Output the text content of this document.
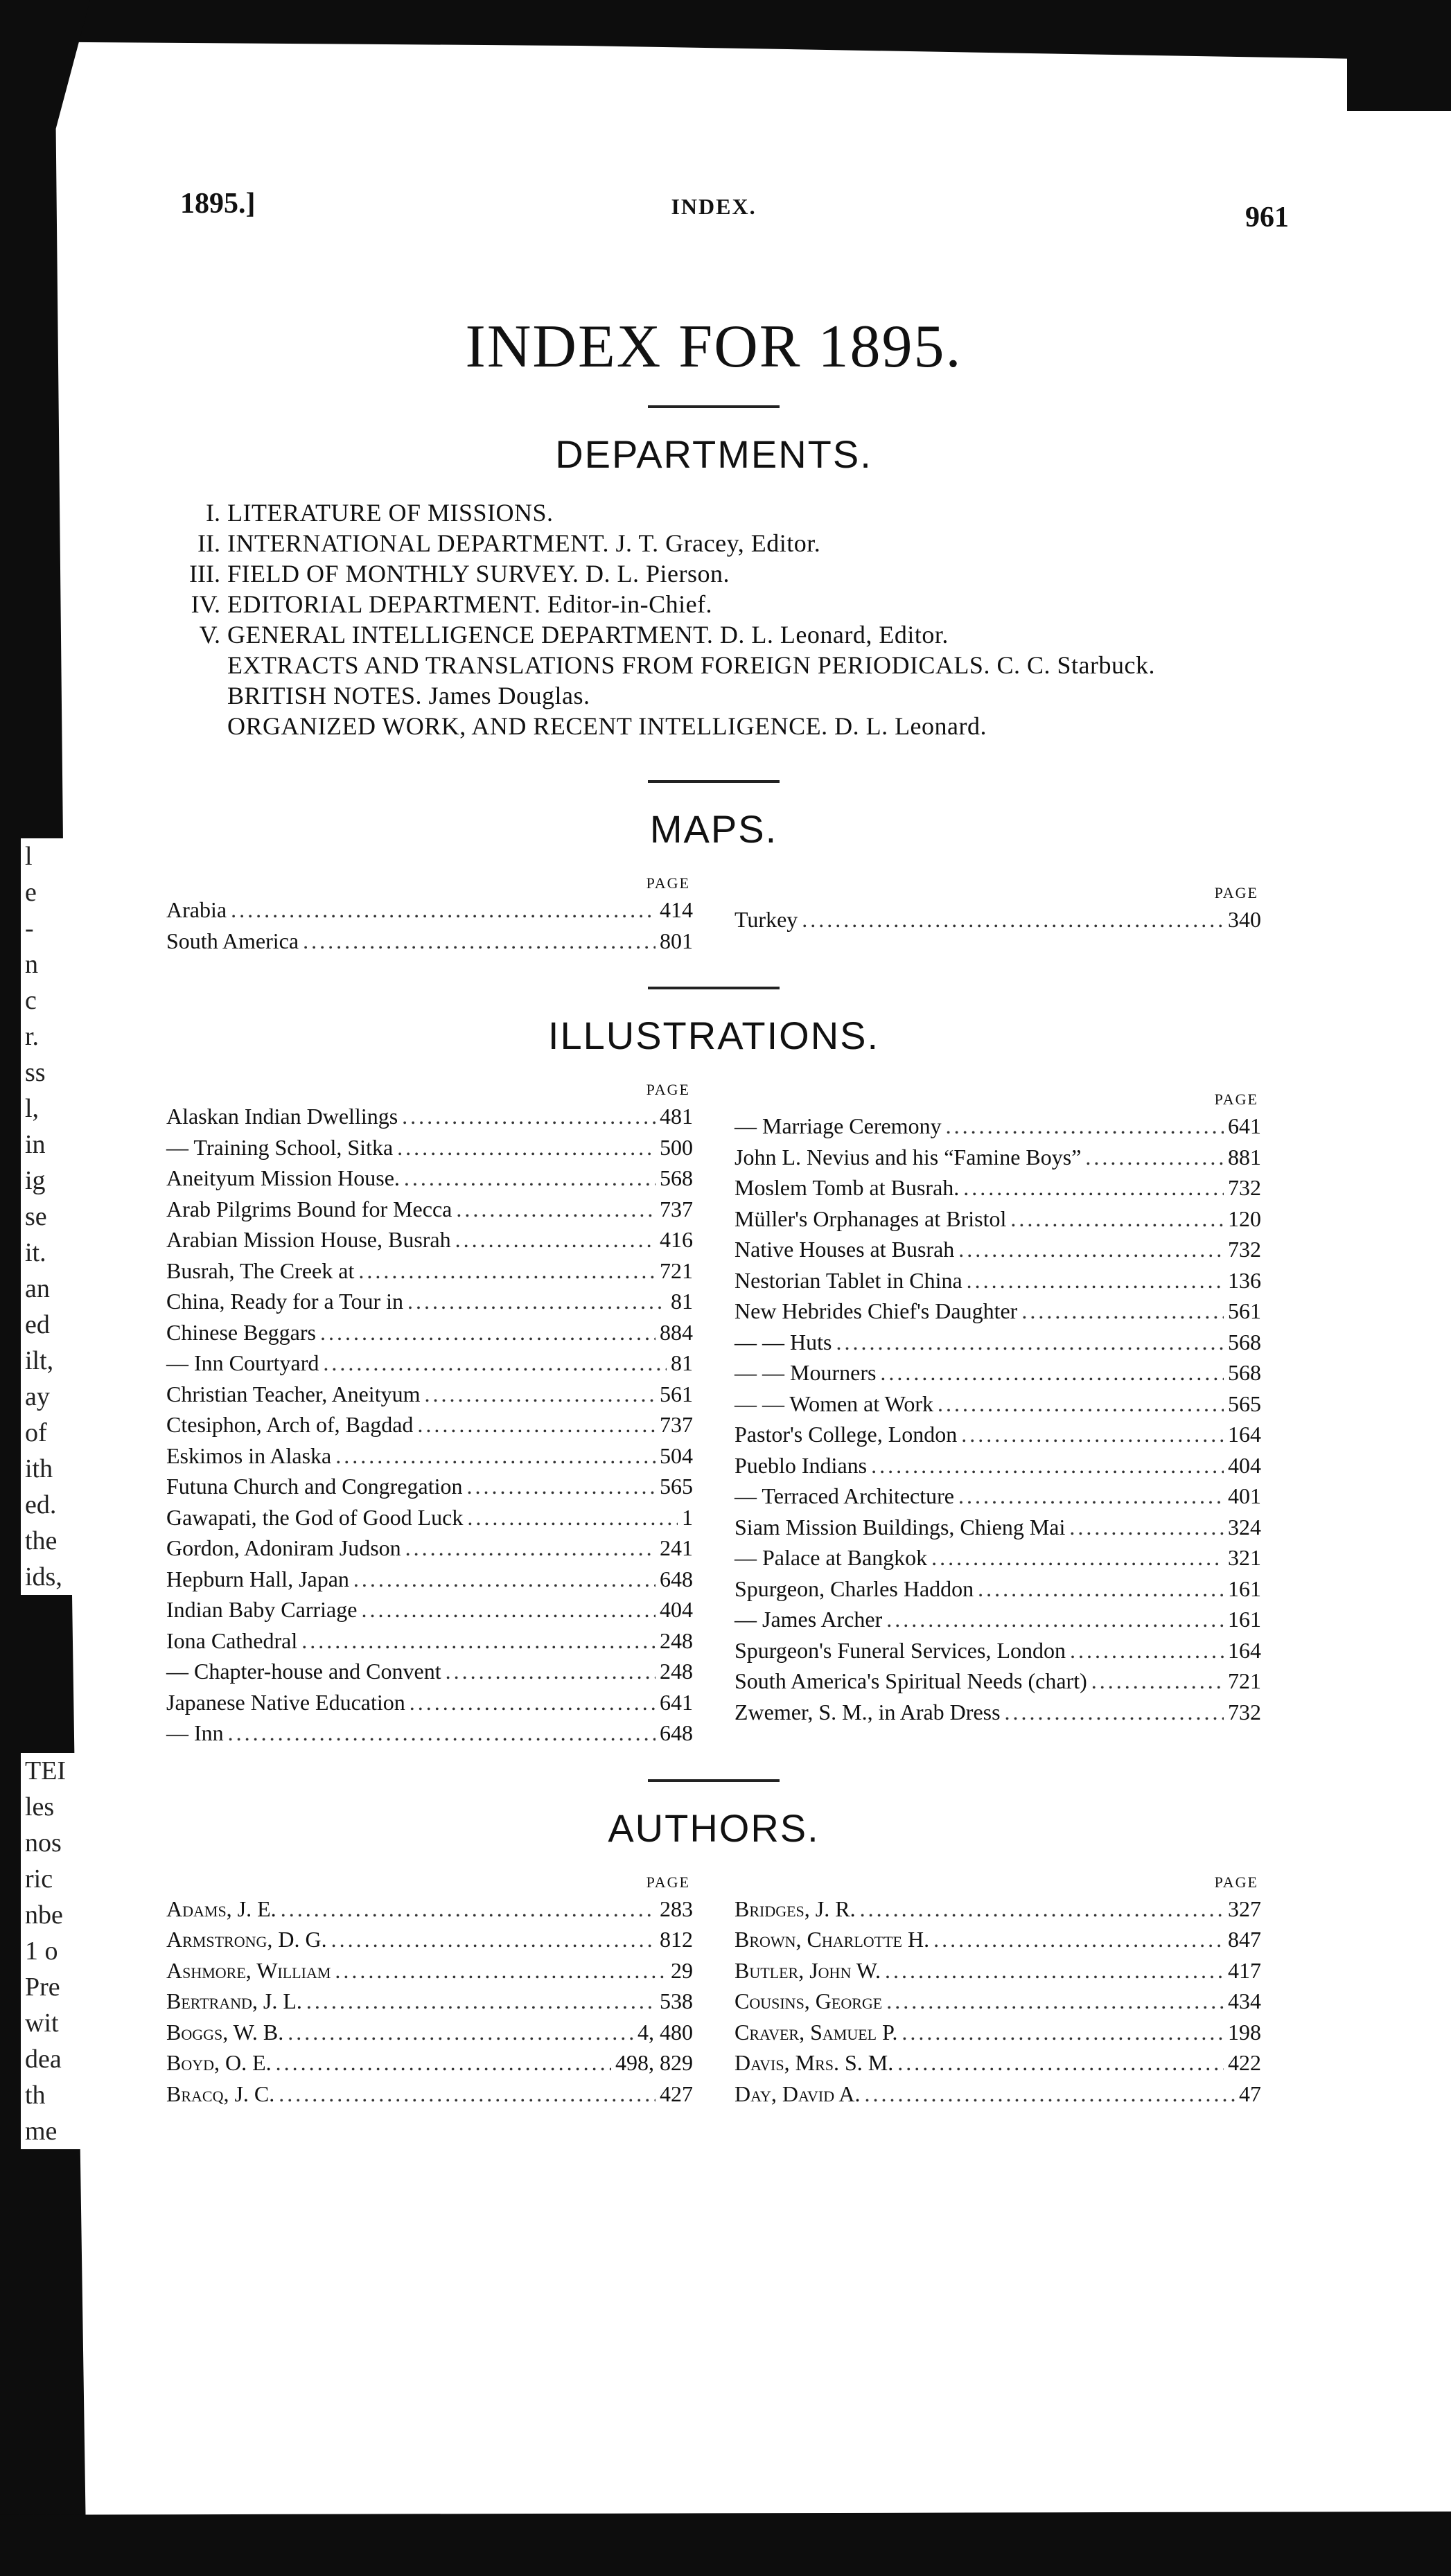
l
e
-
n
c
r.
ss
l,
in
ig
se
it.
an
ed
ilt,
ay
of
ith
ed.
the
ids,
TEI
les
nos
ric
nbe
1 o
Pre
wit
dea
th
me
1895.]	INDEX.	961
INDEX FOR 1895.
DEPARTMENTS.
I. LITERATURE OF MISSIONS.
II. INTERNATIONAL DEPARTMENT. J. T. Gracey, Editor.
III. FIELD OF MONTHLY SURVEY. D. L. Pierson.
IV. EDITORIAL DEPARTMENT. Editor-in-Chief.
V. GENERAL INTELLIGENCE DEPARTMENT. D. L. Leonard, Editor.
EXTRACTS AND TRANSLATIONS FROM FOREIGN PERIODICALS. C. C. Starbuck.
BRITISH NOTES. James Douglas.
ORGANIZED WORK, AND RECENT INTELLIGENCE. D. L. Leonard.
MAPS.
PAGE
Arabia .....	414
South America .....	801
PAGE
Turkey .....	340
ILLUSTRATIONS.
PAGE
Alaskan Indian Dwellings .....	481
— Training School, Sitka .....	500
Aneityum Mission House. .....	568
Arab Pilgrims Bound for Mecca .....	737
Arabian Mission House, Busrah .....	416
Busrah, The Creek at .....	721
China, Ready for a Tour in .....	81
Chinese Beggars .....	884
— Inn Courtyard .....	81
Christian Teacher, Aneityum .....	561
Ctesiphon, Arch of, Bagdad .....	737
Eskimos in Alaska .....	504
Futuna Church and Congregation .....	565
Gawapati, the God of Good Luck .....	1
Gordon, Adoniram Judson .....	241
Hepburn Hall, Japan .....	648
Indian Baby Carriage .....	404
Iona Cathedral .....	248
— Chapter-house and Convent .....	248
Japanese Native Education .....	641
— Inn .....	648
PAGE
— Marriage Ceremony .....	641
John L. Nevius and his “Famine Boys” .....	881
Moslem Tomb at Busrah. .....	732
Müller's Orphanages at Bristol .....	120
Native Houses at Busrah .....	732
Nestorian Tablet in China .....	136
New Hebrides Chief's Daughter .....	561
— — Huts .....	568
— — Mourners .....	568
— — Women at Work .....	565
Pastor's College, London .....	164
Pueblo Indians .....	404
— Terraced Architecture .....	401
Siam Mission Buildings, Chieng Mai .....	324
— Palace at Bangkok .....	321
Spurgeon, Charles Haddon .....	161
— James Archer .....	161
Spurgeon's Funeral Services, London .....	164
South America's Spiritual Needs (chart) .....	721
Zwemer, S. M., in Arab Dress .....	732
AUTHORS.
PAGE
Adams, J. E. .....	283
Armstrong, D. G. .....	812
Ashmore, William .....	29
Bertrand, J. L. .....	538
Boggs, W. B. .....	4, 480
Boyd, O. E. .....	498, 829
Bracq, J. C. .....	427
PAGE
Bridges, J. R. .....	327
Brown, Charlotte H. .....	847
Butler, John W. .....	417
Cousins, George .....	434
Craver, Samuel P. .....	198
Davis, Mrs. S. M. .....	422
Day, David A. .....	47
